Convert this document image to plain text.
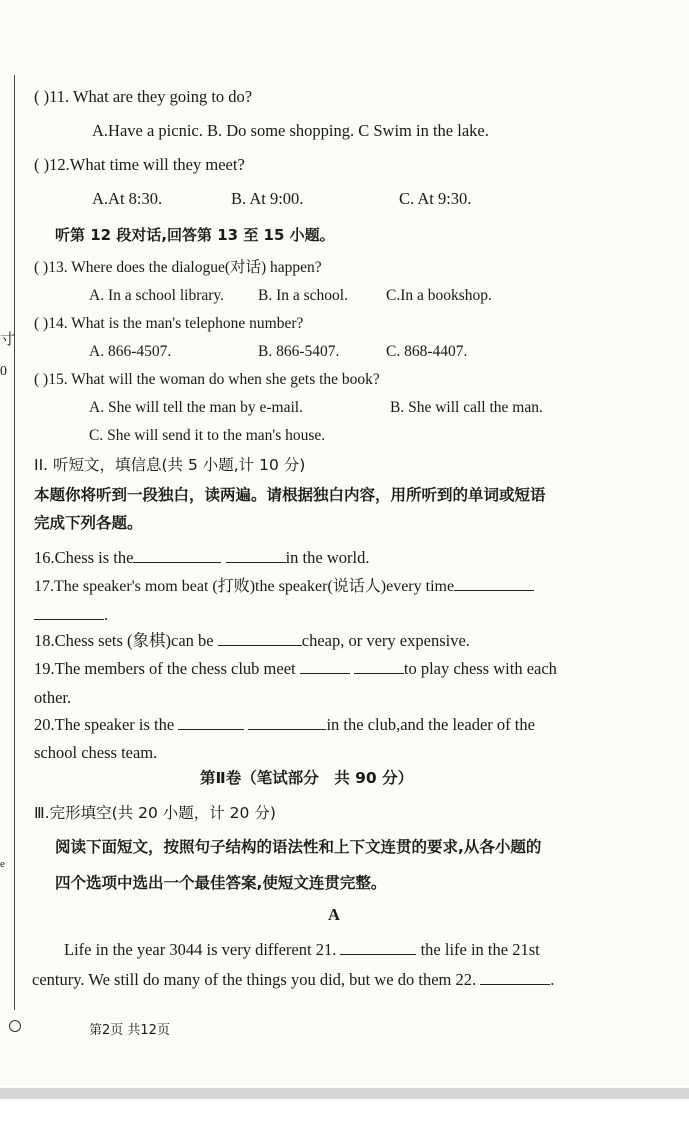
寸
0
e
( )11. What are they going to do?
A.Have a picnic. B. Do some shopping. C Swim in the lake.
( )12.What time will they meet?
A.At 8:30.	B. At 9:00.	C. At 9:30.
听第 12 段对话,回答第 13 至 15 小题。
( )13. Where does the dialogue(对话) happen?
A. In a school library. B. In a school. C.In a bookshop.
( )14. What is the man's telephone number?
A. 866-4507.	B. 866-5407.	C. 868-4407.
( )15. What will the woman do when she gets the book?
A. She will tell the man by e-mail.	B. She will call the man.
C. She will send it to the man's house.
II. 听短文，填信息(共 5 小题,计 10 分)
本题你将听到一段独白，读两遍。请根据独白内容，用所听到的单词或短语
完成下列各题。
16.Chess is the	in the world.
17.The speaker's mom beat (打败)the speaker(说话人)every time
.
18.Chess sets (象棋)can be	cheap, or very expensive.
19.The members of the chess club meet	to play chess with each
other.
20.The speaker is the	in the club,and the leader of the
school chess team.
第Ⅱ卷（笔试部分　共 90 分）
Ⅲ.完形填空(共 20 小题，计 20 分)
阅读下面短文，按照句子结构的语法性和上下文连贯的要求,从各小题的
四个选项中选出一个最佳答案,使短文连贯完整。
A
Life in the year 3044 is very different 21.	the life in the 21st
century. We still do many of the things you did, but we do them 22.	.
第2页 共12页
